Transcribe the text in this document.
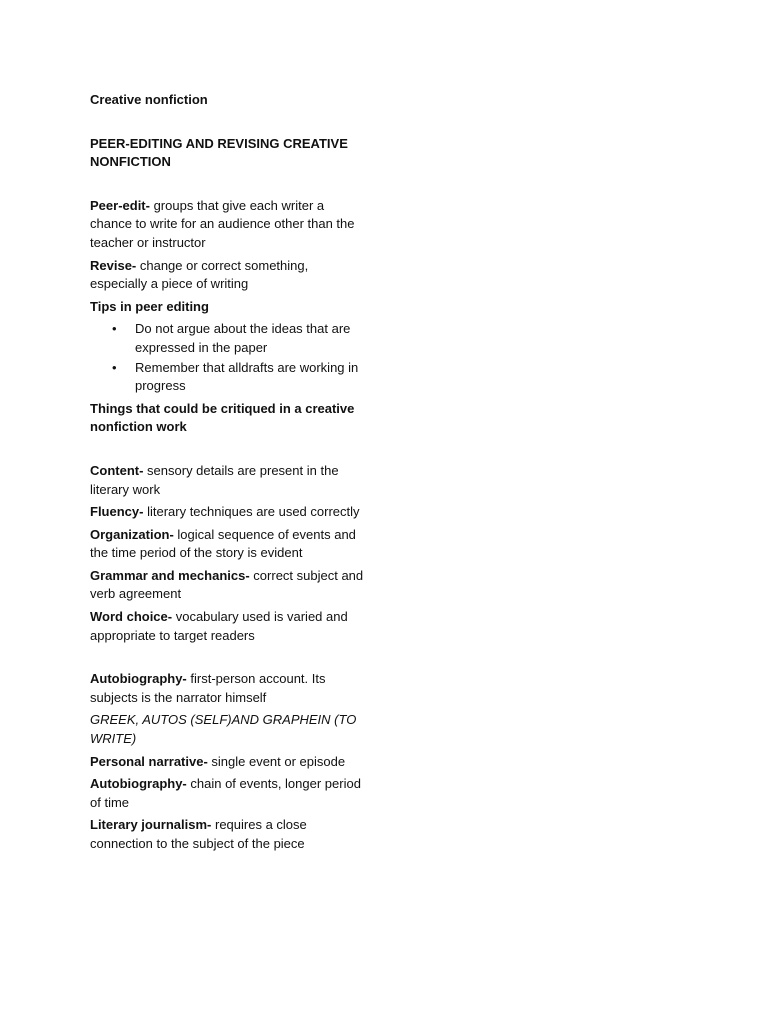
Creative nonfiction

PEER-EDITING AND REVISING CREATIVE NONFICTION

Peer-edit- groups that give each writer a chance to write for an audience other than the teacher or instructor

Revise- change or correct something, especially a piece of writing

Tips in peer editing

• Do not argue about the ideas that are expressed in the paper
• Remember that alldrafts are working in progress

Things that could be critiqued in a creative nonfiction work

Content- sensory details are present in the literary work

Fluency- literary techniques are used correctly

Organization- logical sequence of events and the time period of the story is evident

Grammar and mechanics- correct subject and verb agreement

Word choice- vocabulary used is varied and appropriate to target readers

Autobiography- first-person account. Its subjects is the narrator himself

GREEK, AUTOS (SELF)AND GRAPHEIN (TO WRITE)

Personal narrative- single event or episode

Autobiography- chain of events, longer period of time

Literary journalism- requires a close connection to the subject of the piece
